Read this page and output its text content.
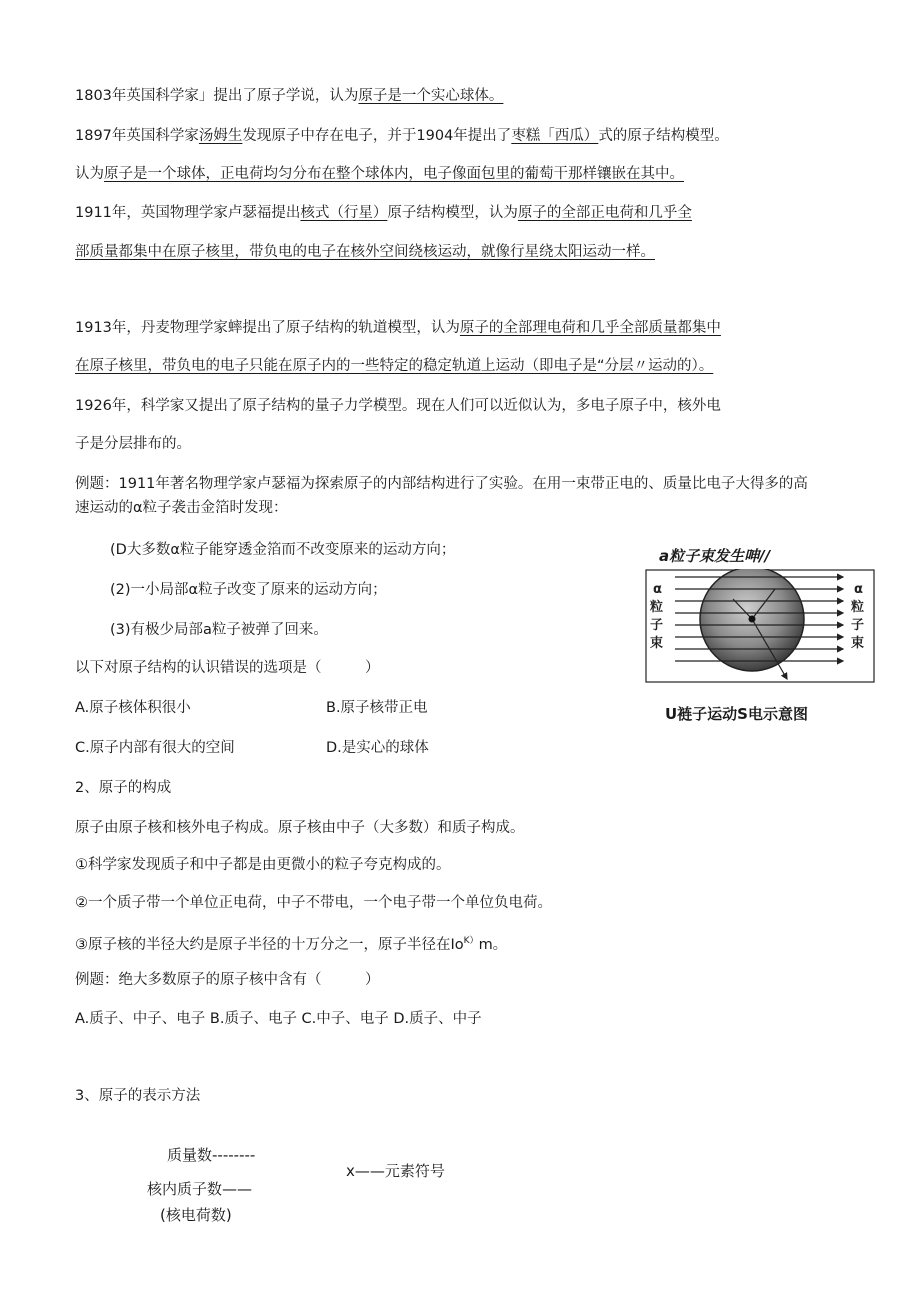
1803年英国科学家」提出了原子学说，认为原子是一个实心球体。
1897年英国科学家汤姆生发现原子中存在电子，并于1904年提出了枣糕「西瓜）式的原子结构模型。
认为原子是一个球体，正电荷均匀分布在整个球体内，电子像面包里的葡萄干那样镶嵌在其中。
1911年，英国物理学家卢瑟福提出核式（行星）原子结构模型，认为原子的全部正电荷和几乎全
部质量都集中在原子核里，带负电的电子在核外空间绕核运动，就像行星绕太阳运动一样。
1913年，丹麦物理学家蟀提出了原子结构的轨道模型，认为原子的全部理电荷和几乎全部质量都集中
在原子核里，带负电的电子只能在原子内的一些特定的稳定轨道上运动（即电子是“分层〃运动的）。
1926年，科学家又提出了原子结构的量子力学模型。现在人们可以近似认为，多电子原子中，核外电
子是分层排布的。
例题：1911年著名物理学家卢瑟福为探索原子的内部结构进行了实验。在用一束带正电的、质量比电子大得多的高
速运动的α粒子袭击金箔时发现：
(D大多数α粒子能穿透金箔而不改变原来的运动方向；
(2)一小局部α粒子改变了原来的运动方向；
(3)有极少局部a粒子被弹了回来。
以下对原子结构的认识错误的选项是（　　　）
A.原子核体积很小	B.原子核带正电
C.原子内部有很大的空间	D.是实心的球体
a粒子束发生呻//
α
粒
子
束
α
粒
子
束
U裢子运动S电示意图
2、原子的构成
原子由原子核和核外电子构成。原子核由中子（大多数）和质子构成。
①科学家发现质子和中子都是由更微小的粒子夸克构成的。
②一个质子带一个单位正电荷，中子不带电，一个电子带一个单位负电荷。
③原子核的半径大约是原子半径的十万分之一，原子半径在$Io^{K)}m$。
例题：绝大多数原子的原子核中含有（　　　）
A.质子、中子、电子 B.质子、电子 C.中子、电子 D.质子、中子
3、原子的表示方法
质量数--------
x——元素符号
核内质子数——
(核电荷数)
